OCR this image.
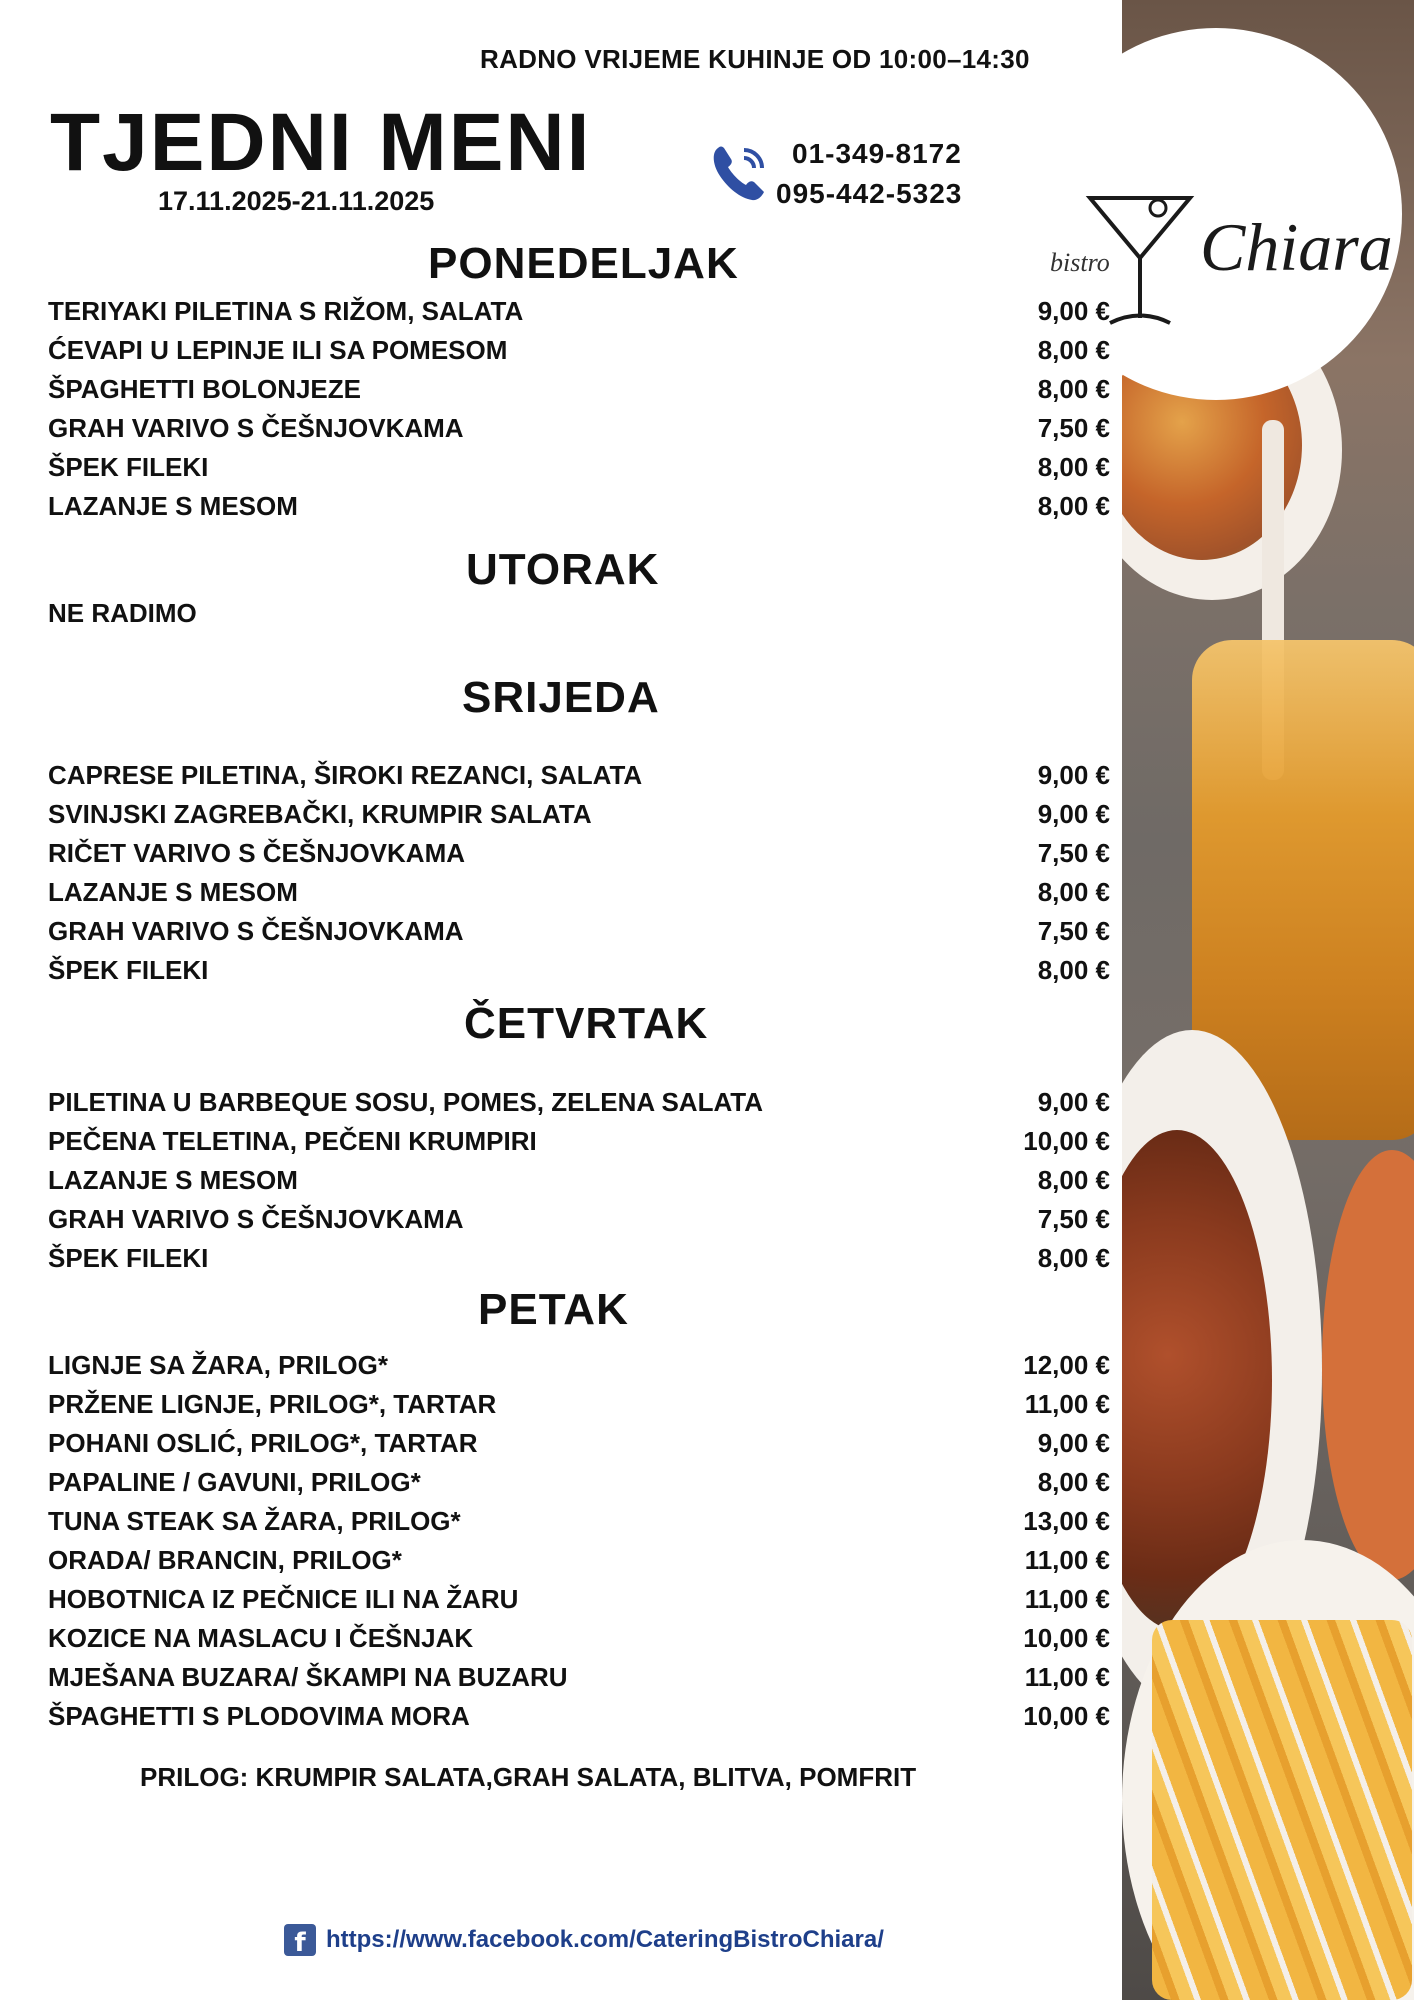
bistro Chiara
RADNO VRIJEME KUHINJE OD 10:00–14:30
TJEDNI MENI
17.11.2025-21.11.2025
01-349-8172
095-442-5323
PONEDELJAK
TERIYAKI PILETINA S RIŽOM, SALATA	9,00 €
ĆEVAPI U LEPINJE ILI SA POMESOM	8,00 €
ŠPAGHETTI BOLONJEZE	8,00 €
GRAH VARIVO S ČEŠNJOVKAMA	7,50 €
ŠPEK FILEKI	8,00 €
LAZANJE S MESOM	8,00 €
UTORAK
NE RADIMO
SRIJEDA
CAPRESE PILETINA, ŠIROKI REZANCI, SALATA	9,00 €
SVINJSKI ZAGREBAČKI, KRUMPIR SALATA	9,00 €
RIČET VARIVO S ČEŠNJOVKAMA	7,50 €
LAZANJE S MESOM	8,00 €
GRAH VARIVO S ČEŠNJOVKAMA	7,50 €
ŠPEK FILEKI	8,00 €
ČETVRTAK
PILETINA U BARBEQUE SOSU, POMES, ZELENA SALATA	9,00 €
PEČENA TELETINA, PEČENI KRUMPIRI	10,00 €
LAZANJE S MESOM	8,00 €
GRAH VARIVO S ČEŠNJOVKAMA	7,50 €
ŠPEK FILEKI	8,00 €
PETAK
LIGNJE SA ŽARA, PRILOG*	12,00 €
PRŽENE LIGNJE, PRILOG*, TARTAR	11,00 €
POHANI OSLIĆ, PRILOG*, TARTAR	9,00 €
PAPALINE / GAVUNI, PRILOG*	8,00 €
TUNA STEAK SA ŽARA, PRILOG*	13,00 €
ORADA/ BRANCIN, PRILOG*	11,00 €
HOBOTNICA IZ PEČNICE ILI NA ŽARU	11,00 €
KOZICE NA MASLACU I ČEŠNJAK	10,00 €
MJEŠANA BUZARA/ ŠKAMPI NA BUZARU	11,00 €
ŠPAGHETTI S PLODOVIMA MORA	10,00 €
PRILOG: KRUMPIR SALATA,GRAH SALATA, BLITVA, POMFRIT
f https://www.facebook.com/CateringBistroChiara/
